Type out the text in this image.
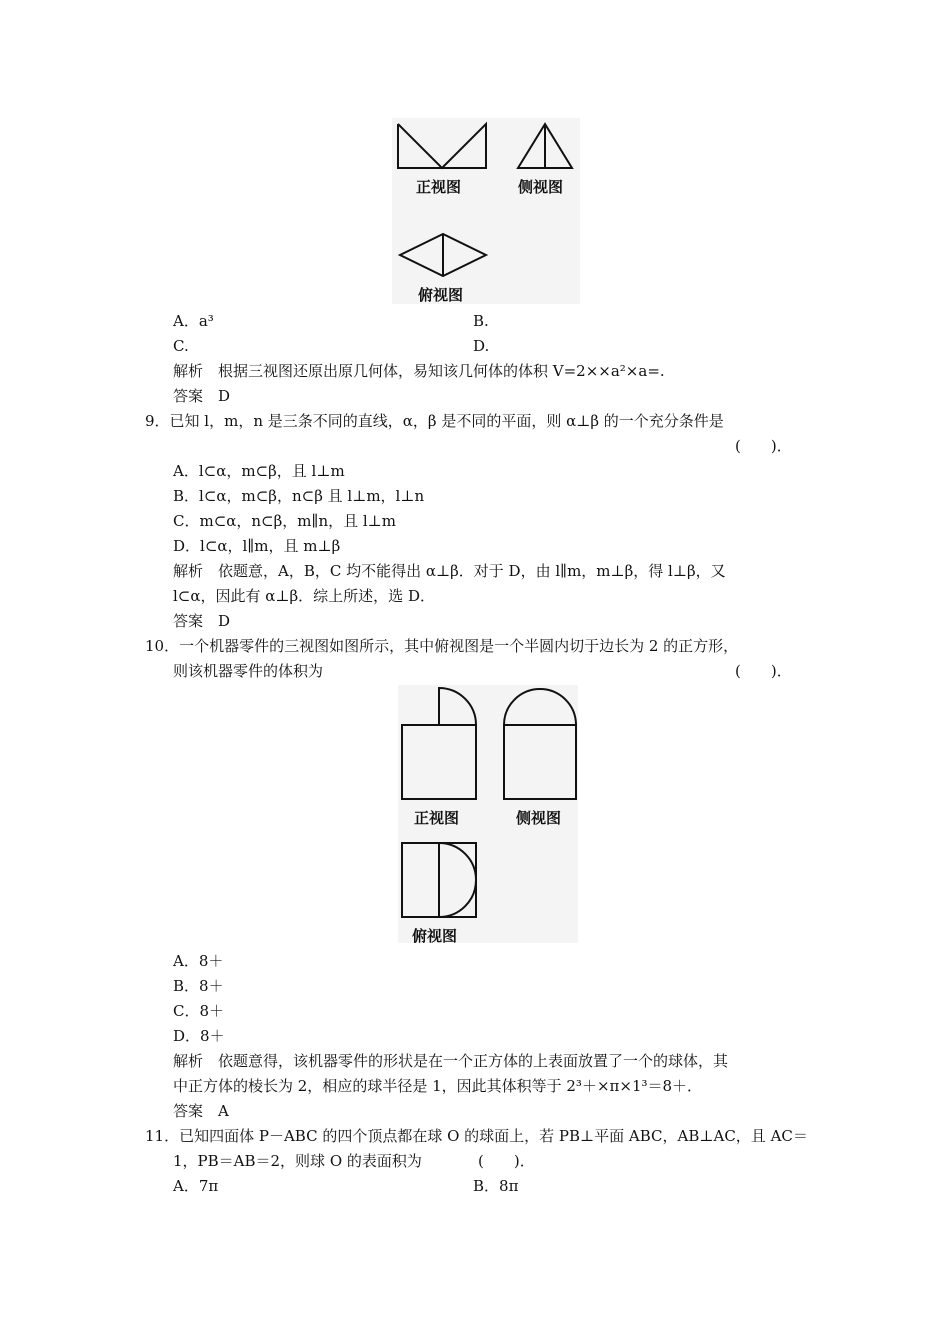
正视图	侧视图
俯视图
A．a³	B.
C.	D.
解析　根据三视图还原出原几何体，易知该几何体的体积 V=2××a²×a=.
答案　D
9．已知 l，m，n 是三条不同的直线，α，β 是不同的平面，则 α⊥β 的一个充分条件是
(　　)．
A．l⊂α，m⊂β，且 l⊥m
B．l⊂α，m⊂β，n⊂β 且 l⊥m，l⊥n
C．m⊂α，n⊂β，m∥n，且 l⊥m
D．l⊂α，l∥m，且 m⊥β
解析　依题意，A，B，C 均不能得出 α⊥β．对于 D，由 l∥m，m⊥β，得 l⊥β，又
l⊂α，因此有 α⊥β．综上所述，选 D．
答案　D
10．一个机器零件的三视图如图所示，其中俯视图是一个半圆内切于边长为 2 的正方形，
则该机器零件的体积为	(　　)．
正视图	侧视图
俯视图
A．8＋
B．8＋
C．8＋
D．8＋
解析　依题意得，该机器零件的形状是在一个正方体的上表面放置了一个的球体，其
中正方体的棱长为 2，相应的球半径是 1，因此其体积等于 2³＋×π×1³＝8＋．
答案　A
11．已知四面体 P－ABC 的四个顶点都在球 O 的球面上，若 PB⊥平面 ABC，AB⊥AC，且 AC＝
1，PB＝AB＝2，则球 O 的表面积为	(　　)．
A．7π	B．8π
